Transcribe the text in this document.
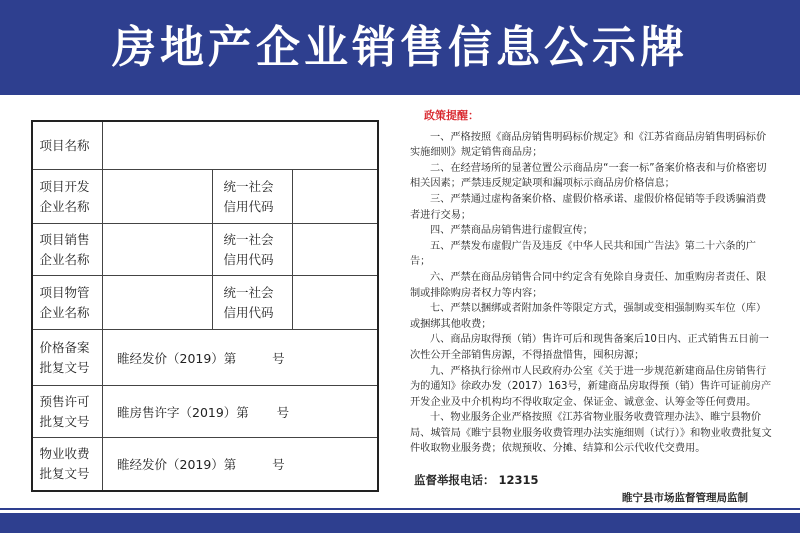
房地产企业销售信息公示牌
项目名称
项目开发企业名称
统一社会信用代码
项目销售企业名称
统一社会信用代码
项目物管企业名称
统一社会信用代码
价格备案批复文号
睢经发价（2019）第         号
预售许可批复文号
睢房售许字（2019）第       号
物业收费批复文号
睢经发价（2019）第         号
政策提醒：

一、严格按照《商品房销售明码标价规定》和《江苏省商品房销售明码标价实施细则》规定销售商品房；

二、在经营场所的显著位置公示商品房“一套一标”备案价格表和与价格密切相关因素；严禁违反规定缺项和漏项标示商品房价格信息；

三、严禁通过虚构备案价格、虚假价格承诺、虚假价格促销等手段诱骗消费者进行交易；

四、严禁商品房销售进行虚假宣传；

五、严禁发布虚假广告及违反《中华人民共和国广告法》第二十六条的广告；

六、严禁在商品房销售合同中约定含有免除自身责任、加重购房者责任、限制或排除购房者权力等内容；

七、严禁以捆绑或者附加条件等限定方式，强制或变相强制购买车位（库）或捆绑其他收费；

八、商品房取得预（销）售许可后和现售备案后10日内、正式销售五日前一次性公开全部销售房源，不得捂盘惜售，囤积房源；

九、严格执行徐州市人民政府办公室《关于进一步规范新建商品住房销售行为的通知》徐政办发（2017）163号，新建商品房取得预（销）售许可证前房产开发企业及中介机构均不得收取定金、保证金、诚意金、认筹金等任何费用。

十、物业服务企业严格按照《江苏省物业服务收费管理办法》、睢宁县物价局、城管局《睢宁县物业服务收费管理办法实施细则（试行）》和物业收费批复文件收取物业服务费；依规预收、分摊、结算和公示代收代交费用。

监督举报电话： 12315
睢宁县市场监督管理局监制
